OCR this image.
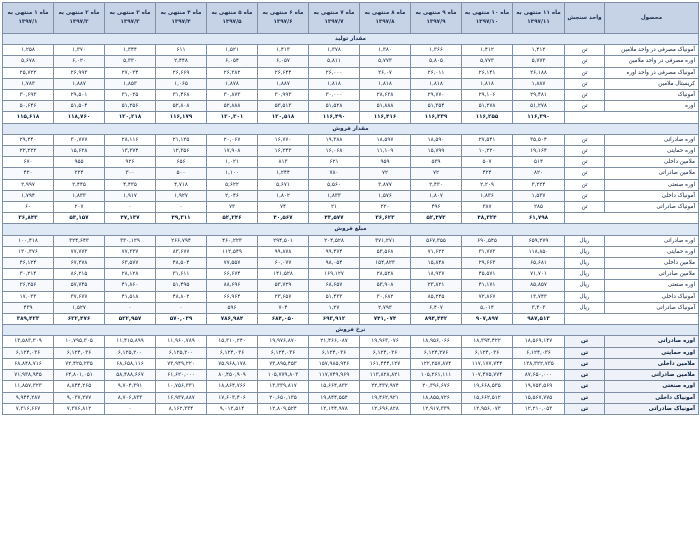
محصول	واحد سنجش	ماه ۱۱ منتهی به ۱۳۹۷/۱۱	ماه ۱۰ منتهی به ۱۳۹۷/۱۰	ماه ۹ منتهی به ۱۳۹۷/۹	ماه ۸ منتهی به ۱۳۹۷/۸	ماه ۷ منتهی به ۱۳۹۷/۷	ماه ۶ منتهی به ۱۳۹۷/۶	ماه ۵ منتهی به ۱۳۹۷/۵	ماه ۴ منتهی به ۱۳۹۷/۴	ماه ۳ منتهی به ۱۳۹۷/۳	ماه ۲ منتهی به ۱۳۹۷/۲	ماه ۱ منتهی به ۱۳۹۷/۱
مقدار تولید												
آمونیاک مصرفی در واحد ملامین	تن	۱,۴۱۲	۱,۴۱۲	۱,۳۶۶	۱,۳۸۰	۱,۳۷۸	۱,۴۱۳	۱,۵۲۱	۶۱۱	۱,۳۴۴	۱,۳۷۰	۱,۲۵۸
اوره مصرفی در واحد ملامین	تن	۵,۷۷۳	۵,۷۷۳	۵,۸۰۵	۵,۷۷۳	۵,۸۱۱	۶,۰۵۷	۶,۰۵۴	۲,۴۴۸	۵,۳۳۰	۶,۰۲۰	۵,۶۷۸
آمونیاک مصرفی در واحد اوره	تن	۲۶,۱۸۸	۲۶,۱۴۱	۲۶,۰۱۱	۲۶,۰۷	۲۶,۰۰۰	۲۶,۶۴۴	۲۶,۳۸۲	۲۶,۶۶۹	۲۷,۰۳۴	۲۶,۹۹۳	۲۵,۷۲۲
کریستال ملامین	تن	۱,۸۸۷	۱,۸۱۸	۱,۸۱۸	۱,۸۱۸	۱,۸۱۸	۱,۸۸۷	۱,۸۷۸	۱,۰۶۵	۱,۸۵۳	۱,۸۸۷	۱,۷۸۳
آمونیاک	تن	۲۹,۴۸۱	۲۹,۱۰۶	۲۹,۷۷۰	۲۸,۶۳۸	۳۰,۰۰۰	۳۰,۹۹۳	۳۰,۸۷۳	۳۱,۴۶۸	۳۱,۰۲۵	۲۹,۵۰۱	۳۰,۶۹۳
اوره	تن	۵۱,۲۷۸	۵۱,۲۷۸	۵۱,۳۵۴	۵۱,۸۸۸	۵۱,۵۲۸	۵۳,۵۱۳	۵۲,۸۸۸	۵۲,۸۰۸	۵۱,۲۵۶	۵۱,۵۰۴	۵۰,۶۴۶
		۱۱۶,۳۹۰	۱۱۶,۲۵۵	۱۱۶,۳۳۹	۱۱۶,۴۱۶	۱۱۶,۴۹۰	۱۲۰,۵۱۸	۱۲۰,۳۰۱	۱۱۶,۱۷۹	۱۲۰,۲۱۸	۱۱۸,۷۶۰	۱۱۵,۶۱۸
مقدار فروش												
اوره صادراتی	تن	۳۵,۵۰۴	۲۷,۵۴۱	۱۸,۵۹۰	۱۸,۵۹۷	۱۹,۳۸۸	۱۶,۷۷۰	۲۰,۰۶۷	۲۱,۱۲۵	۲۸,۱۱۶	۳۰,۷۷۷	۲۹,۲۴۰
اوره حمایتی	تن	۱۹,۱۶۴	۱۰,۲۲۰	۱۵,۷۹۹	۱۱,۱۰۹	۱۶,۰۶۸	۱۶,۲۴۳	۱۷,۹۰۸	۱۲,۳۵۶	۱۳,۳۷۴	۱۵,۶۲۸	۲۲,۲۲۲
ملامین داخلی	تن	۵۱۴	۵۰۷	۵۳۹	۹۵۹	۶۲۱	۸۱۳	۱,۰۲۱	۶۵۶	۹۲۶	۹۵۵	۶۷۰
ملامین صادراتی	تن	۸۲۰	۴۲۴	۷۲	۷۲	۷۸۰	۱,۲۴۴	۱,۱۰۰	۵۰۰	۳۰۰	۲۲۴	۴۲۰
اوره صنعتی	تن	۳,۲۲۴	۲,۲۰۹	۲,۴۳۰	۳,۸۷۷	۵,۵۶۰	۵,۶۷۱	۵,۶۲۲	۴,۷۱۸	۴,۴۳۵	۲,۴۴۵	۲,۹۹۷
آمونیاک داخلی	تن	۱,۵۳۷	۱,۸۳۶	۱,۸۰۷	۱,۵۷۶	۱,۸۳۳	۱,۸۰۲	۲,۰۴۶	۱,۹۲۷	۱,۹۱۷	۱,۸۳۳	۱,۷۹۴
آمونیاک صادراتی	تن	۲۸۵	۳۸۷	۴۹۶	۲۲۰	۲۱	۷۴	۷۳	۰	۰	۲۰۷	۶۰
		۶۱,۷۹۸	۴۸,۳۲۴	۵۲,۴۷۳	۳۶,۶۲۳	۴۳,۵۷۷	۴۰,۵۶۷	۵۲,۲۴۶	۴۹,۳۱۱	۴۷,۱۳۷	۵۳,۱۵۷	۳۶,۸۴۳
مبلغ فروش												
اوره صادراتی	ریال	۶۵۹,۲۷۹	۶۹۰,۵۴۵	۵۶۷,۳۵۵	۳۷۱,۲۷۱	۲۰۴,۵۲۸	۲۹۴,۵۰۱	۴۶۰,۲۲۳	۲۶۶,۷۹۴	۳۳۰,۱۲۹	۳۲۴,۶۴۳	۱۰۰,۴۱۸
اوره حمایتی	ریال	۱۱۸,۸۵۰	۳۱,۷۷۳	۷۱,۶۲۲	۵۳,۵۶۸	۹۹,۴۷۴	۹۹,۸۷۸	۱۱۲,۵۴۹	۸۳,۶۷۷	۷۷,۳۳۷	۷۷,۷۷۳	۱۳۰,۳۷۶
ملامین داخلی	ریال	۶۵,۶۸۱	۲۹,۶۶۳	۱۵,۸۴۸	۱۵۴,۸۲۳	۹۸,۰۵۴	۶۰,۰۷۷	۷۷,۵۵۷	۴۸,۵۰۴	۶۳,۵۷۷	۶۷,۲۷۸	۴۶,۱۲۴
ملامین صادراتی	ریال	۷۱,۷۰۱	۴۵,۵۷۱	۱۸,۹۳۷	۲۸,۵۲۸	۱۶۹,۱۲۷	۱۴۱,۵۲۸	۶۶,۶۷۴	۳۱,۶۱۱	۲۸,۱۲۸	۸۶,۲۱۵	۳۰,۲۱۴
اوره صنعتی	ریال	۸۵,۸۵۷	۴۱,۱۷۱	۲۳,۸۲۱	۵۳,۹۰۸	۶۸,۶۵۷	۵۳,۷۲۹	۸۸,۶۹۶	۵۱,۴۹۵	۴۱,۸۶۰	۵۷,۷۴۵	۲۶,۲۵۶
آمونیاک داخلی	ریال	۱۳,۷۴۳	۷۲,۸۶۷	۸۵,۲۴۵	۳۰,۶۸۲	۵۱,۴۳۳	۲۳,۶۵۷	۶۶,۹۶۴	۴۸,۸۰۲	۴۱,۵۱۸	۳۷,۶۷۷	۱۷,۰۳۳
آمونیاک صادراتی	ریال	۳,۴۰۳	۵,۰۱۴	۶,۴۰۷	۲,۷۹۳	۱,۲۷	۷۰۴	۵۹۶	۰	۰	۱,۵۲۷	۴۳۹
		۹۸۷,۵۱۳	۹۰۷,۸۹۷	۸۹۴,۴۴۲	۷۴۱,۰۷۴	۶۹۳,۹۱۲	۶۸۴,۰۵۰	۷۸۶,۹۸۴	۵۷۰,۰۳۹	۵۲۲,۹۵۷	۶۲۲,۴۷۶	۳۸۹,۴۲۳
نرخ فروش												
اوره صادراتی	تن	۱۸,۵۶۹,۱۴۷	۱۸,۳۹۴,۴۲۲	۱۸,۹۵۶,۰۶۶	۱۹,۹۶۳,۰۷۶	۲۱,۴۶۶,۰۸۷	۱۹,۹۷۶,۸۷۰	۱۵,۳۱۰,۲۴۰	۱۱,۹۶۰,۷۸۹	۱۱,۴۱۵,۸۹۹	۱۰,۷۹۵,۳۰۵	۱۳,۵۸۳,۳۰۹
اوره حمایتی	تن	۶,۱۲۴,۰۳۶	۶,۱۲۴,۰۳۶	۶,۱۲۴,۲۷۶	۶,۱۲۴,۰۳۶	۶,۱۲۴,۰۳۶	۶,۱۲۴,۰۳۶	۶,۱۲۴,۰۳۶	۶,۱۲۵,۲۰۰	۶,۱۲۵,۲۰۰	۶,۱۲۴,۰۳۶	۶,۱۲۴,۰۳۶
ملامین داخلی	تن	۱۲۸,۳۲۲,۷۳۵	۱۱۷,۱۷۷,۷۴۴	۱۲۲,۲۵۷,۸۷۴	۱۶۱,۴۴۴,۱۲۷	۱۵۷,۹۸۵,۹۴۶	۷۳,۸۹۵,۴۵۳	۷۵,۹۶۸,۱۷۸	۷۳,۹۴۹,۲۲۰	۶۸,۶۵۸,۱۱۶	۷۲,۴۲۵,۲۳۵	۶۸,۸۴۸,۷۱۶
ملامین صادراتی	تن	۸۷,۶۵۰,۰۰۰	۱۰۷,۴۷۵,۷۷۴	۱۰۵,۲۶۱,۱۱۱	۱۱۳,۸۲۸,۸۲۱	۱۱۷,۷۴۹,۹۶۹	۱۰۵,۷۷۹,۸۰۳	۸۰,۴۵۰,۹۰۹	۶۱,۶۲۰,۰۰۰	۵۸,۴۸۸,۶۶۷	۶۴,۸۰۱,۰۵۱	۷۱,۹۳۸,۹۴۵
اوره صنعتی	تن	۱۹,۷۵۳,۵۶۹	۱۹,۶۶۸,۵۳۵	۲۰,۳۹۶,۶۷۶	۲۲,۴۳۷,۹۷۴	۱۵,۶۶۴,۸۳۲	۱۳,۳۳۹,۸۱۷	۱۸,۸۶۴,۷۶۶	۱۰,۷۵۶,۳۳۱	۹,۷۰۴,۳۹۱	۸,۸۴۴,۲۶۵	۱۱,۸۵۷,۳۲۳
آمونیاک داخلی	تن	۱۵,۵۶۷,۷۷۵	۱۵,۶۶۲,۵۱۲	۱۸,۸۵۵,۷۲۶	۱۹,۴۶۲,۹۲۱	۱۹,۸۴۴,۵۵۴	۲۰,۶۵۰,۱۳۵	۱۷,۶۰۳,۴۰۶	۱۶,۹۳۷,۸۸۷	۸,۷۰۶,۸۳۳	۹,۰۳۷,۲۷۷	۹,۹۴۴,۲۸۷
آمونیاک صادراتی	تن	۱۲,۲۱۰,۰۵۳	۱۲,۹۵۶,۰۷۳	۱۲,۹۱۷,۳۳۹	۱۲,۶۹۶,۸۲۸	۱۲,۱۴۴,۹۷۸	۱۲,۸۰۹,۵۲۴	۹,۰۱۲,۵۱۴	۸,۱۶۲,۳۳۴	۰	۷,۳۷۶,۸۱۲	۷,۳۱۶,۶۶۷
